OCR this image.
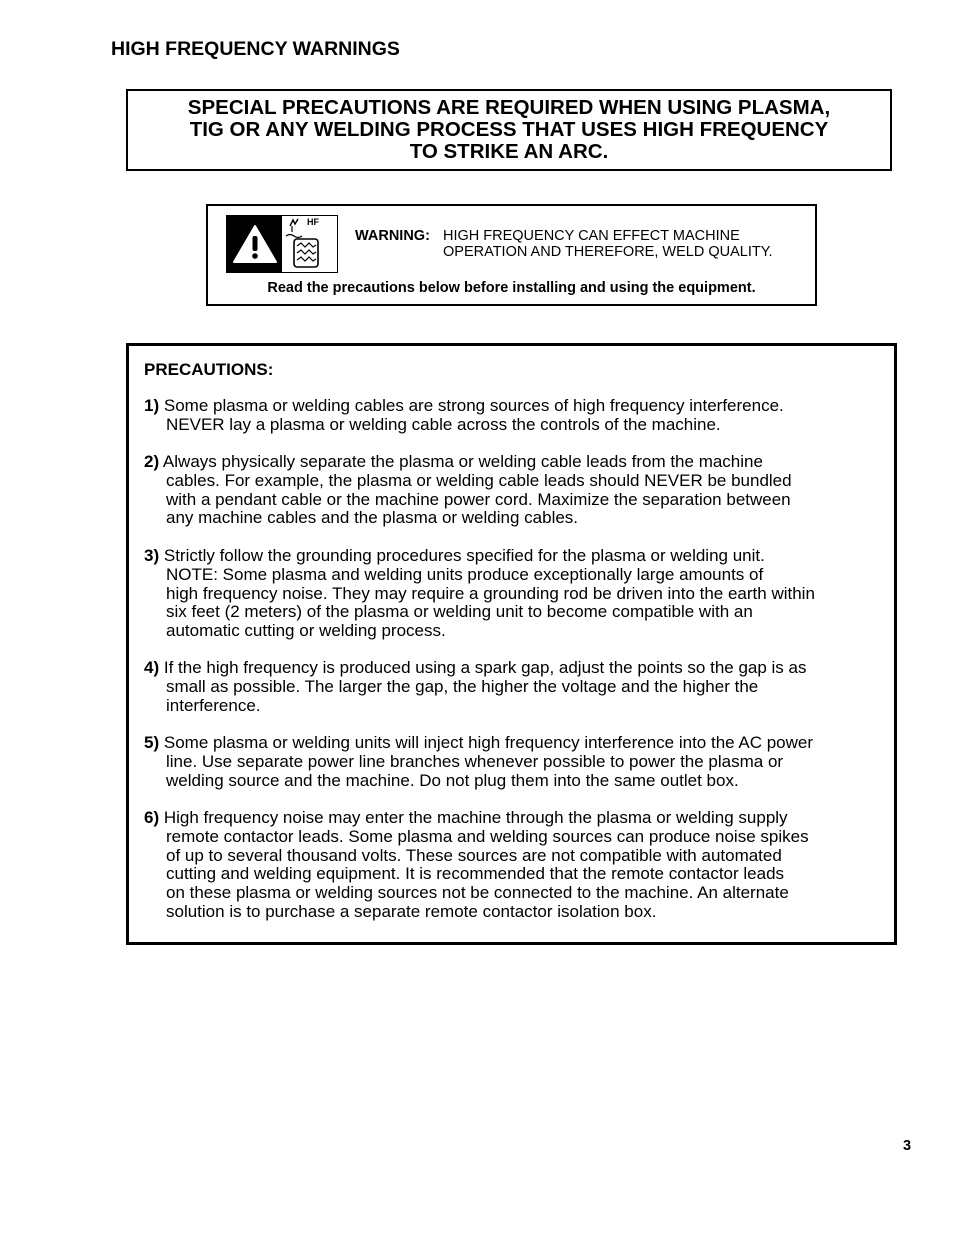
HIGH FREQUENCY WARNINGS
SPECIAL PRECAUTIONS ARE REQUIRED WHEN USING PLASMA,
TIG OR ANY WELDING PROCESS THAT USES HIGH FREQUENCY
TO STRIKE AN ARC.
HF
WARNING: HIGH FREQUENCY CAN EFFECT MACHINE
OPERATION AND THEREFORE, WELD QUALITY.
Read the precautions below before installing and using the equipment.
PRECAUTIONS:
1) Some plasma or welding cables are strong sources of high frequency interference.
NEVER lay a plasma or welding cable across the controls of the machine.
2) Always physically separate the plasma or welding cable leads from the machine
cables. For example, the plasma or welding cable leads should NEVER be bundled
with a pendant cable or the machine power cord. Maximize the separation between
any machine cables and the plasma or welding cables.
3) Strictly follow the grounding procedures specified for the plasma or welding unit.
NOTE: Some plasma and welding units produce exceptionally large amounts of
high frequency noise. They may require a grounding rod be driven into the earth within
six feet (2 meters) of the plasma or welding unit to become compatible with an
automatic cutting or welding process.
4) If the high frequency is produced using a spark gap, adjust the points so the gap is as
small as possible. The larger the gap, the higher the voltage and the higher the
interference.
5) Some plasma or welding units will inject high frequency interference into the AC power
line. Use separate power line branches whenever possible to power the plasma or
welding source and the machine. Do not plug them into the same outlet box.
6) High frequency noise may enter the machine through the plasma or welding supply
remote contactor leads. Some plasma and welding sources can produce noise spikes
of up to several thousand volts. These sources are not compatible with automated
cutting and welding equipment. It is recommended that the remote contactor leads
on these plasma or welding sources not be connected to the machine. An alternate
solution is to purchase a separate remote contactor isolation box.
3
